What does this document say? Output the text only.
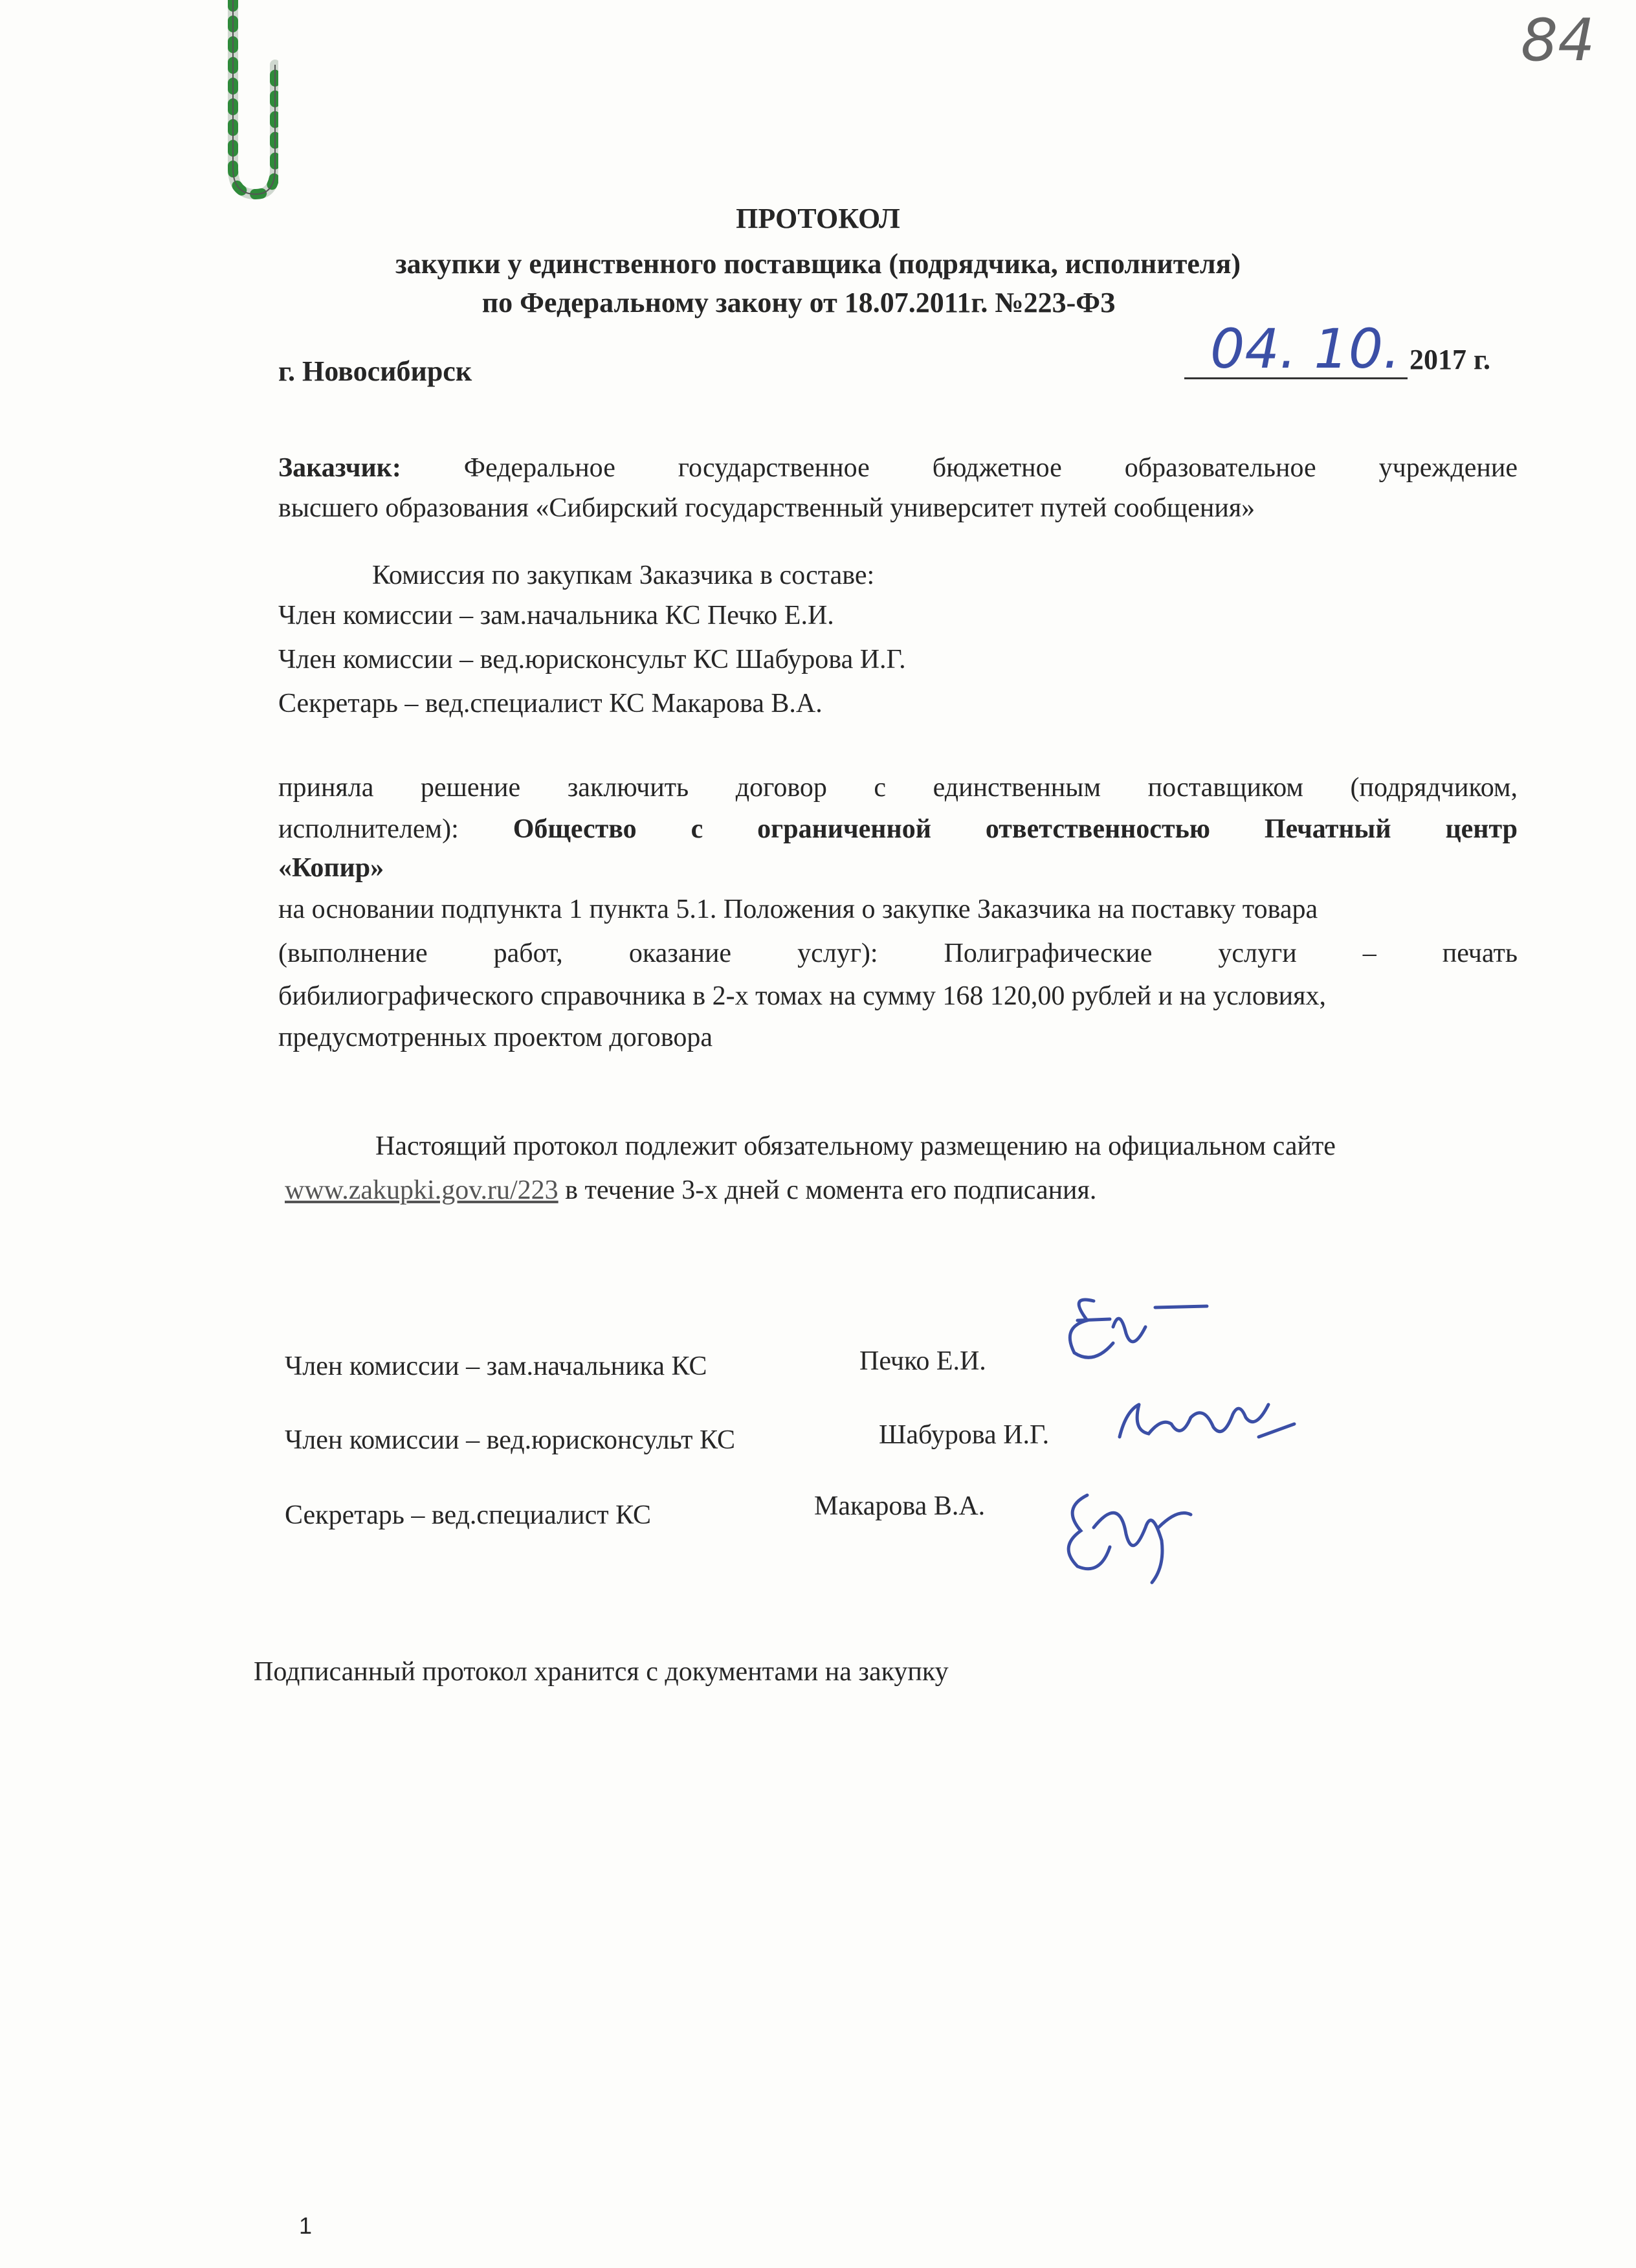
84
ПРОТОКОЛ
закупки у единственного поставщика (подрядчика, исполнителя)
по Федеральному закону от 18.07.2011г. №223-ФЗ
г. Новосибирск	04. 10. 2017 г.
Заказчик: Федеральное государственное бюджетное образовательное учреждение
высшего образования «Сибирский государственный университет путей сообщения»
Комиссия по закупкам Заказчика в составе:
Член комиссии – зам.начальника КС Печко Е.И.
Член комиссии – вед.юрисконсульт КС Шабурова И.Г.
Секретарь – вед.специалист КС Макарова В.А.
приняла решение заключить договор с единственным поставщиком (подрядчиком,
исполнителем): Общество с ограниченной ответственностью Печатный центр
«Копир»
на основании подпункта 1 пункта 5.1. Положения о закупке Заказчика на поставку товара
(выполнение работ, оказание услуг): Полиграфические услуги – печать
бибилиографического справочника в 2-х томах на сумму 168 120,00 рублей и на условиях,
предусмотренных проектом договора
Настоящий протокол подлежит обязательному размещению на официальном сайте
www.zakupki.gov.ru/223 в течение 3-х дней с момента его подписания.
Член комиссии – зам.начальника КС	Печко Е.И.
Член комиссии – вед.юрисконсульт КС	Шабурова И.Г.
Секретарь – вед.специалист КС	Макарова В.А.
Подписанный протокол хранится с документами на закупку
1
